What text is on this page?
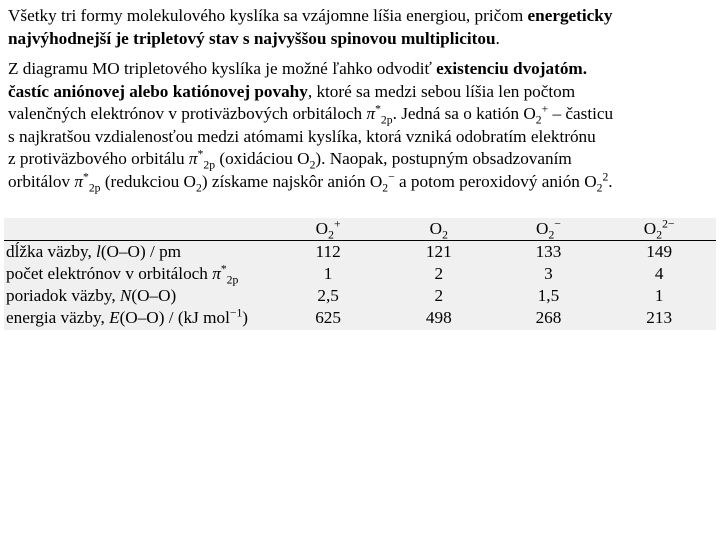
Všetky tri formy molekulového kyslíka sa vzájomne líšia energiou, pričom energeticky najvýhodnejší je tripletový stav s najvyššou spinovou multiplicitou.

Z diagramu MO tripletového kyslíka je možné ľahko odvodiť existenciu dvojatóm.
častíc aniónovej alebo katiónovej povahy, ktoré sa medzi sebou líšia len počtom
valenčných elektrónov v protiväzbových orbitáloch $\pi^*_{2p}$. Jedná sa o katión $O_2^+$ – časticu
s najkratšou vzdialenosťou medzi atómami kyslíka, ktorá vzniká odobratím elektrónu
z protiväzbového orbitálu $\pi^*_{2p}$ (oxidáciou $O_2$). Naopak, postupným obsadzovaním
orbitálov $\pi^*_{2p}$ (redukciou $O_2$) získame najskôr anión $O_2^-$ a potom peroxidový anión $O_2^2$.

	$O_2^+$	$O_2$	$O_2^-$	$O_2^{2-}$
dĺžka väzby, l(O–O) / pm	112	121	133	149
počet elektrónov v orbitáloch $\pi^*_{2p}$	1	2	3	4
poriadok väzby, N(O–O)	2,5	2	1,5	1
energia väzby, E(O–O) / (kJ mol$^{-1}$)	625	498	268	213
